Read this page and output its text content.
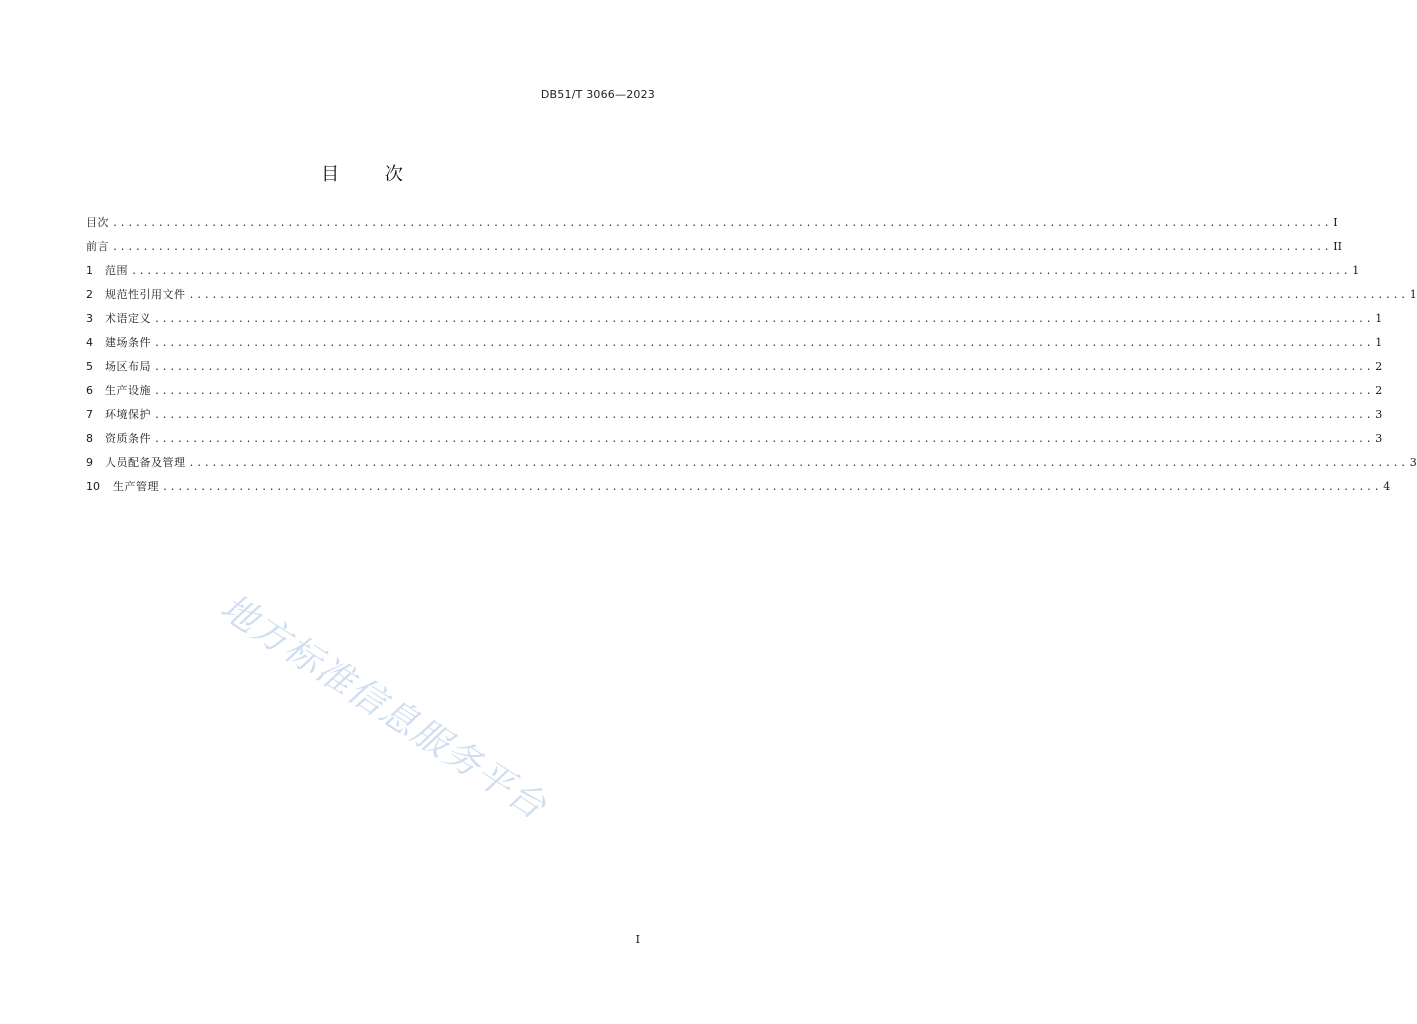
DB51/T 3066—2023
目 次
目次 ................................................................................................................................................................ I
前言 ................................................................................................................................................................ II
1	范围 ................................................................................................................................................................ 1
2	规范性引用文件 ................................................................................................................................................................ 1
3	术语定义 ................................................................................................................................................................ 1
4	建场条件 ................................................................................................................................................................ 1
5	场区布局 ................................................................................................................................................................ 2
6	生产设施 ................................................................................................................................................................ 2
7	环境保护 ................................................................................................................................................................ 3
8	资质条件 ................................................................................................................................................................ 3
9	人员配备及管理 ................................................................................................................................................................ 3
10	生产管理 ................................................................................................................................................................ 4
地方标准信息服务平台
I
